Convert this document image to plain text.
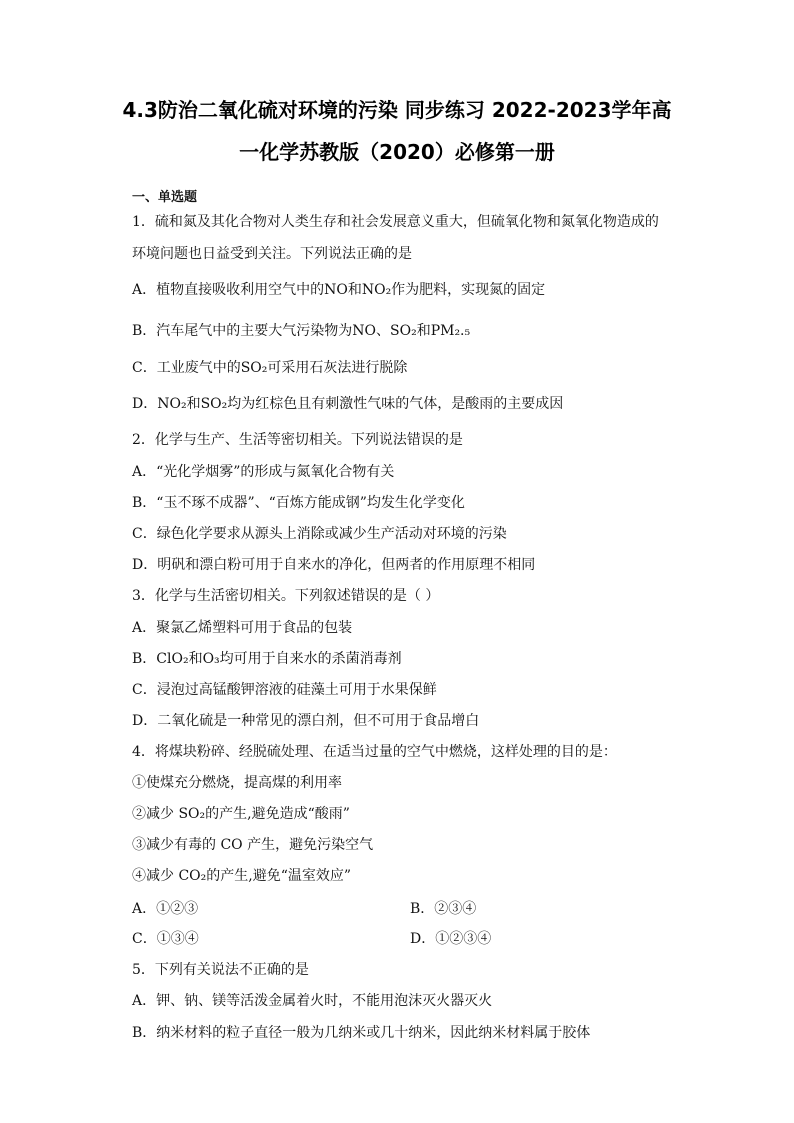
4.3防治二氧化硫对环境的污染 同步练习 2022-2023学年高
一化学苏教版（2020）必修第一册
一、单选题
1．硫和氮及其化合物对人类生存和社会发展意义重大，但硫氧化物和氮氧化物造成的
环境问题也日益受到关注。下列说法正确的是
A．植物直接吸收利用空气中的NO和NO₂作为肥料，实现氮的固定
B．汽车尾气中的主要大气污染物为NO、SO₂和PM₂.₅
C．工业废气中的SO₂可采用石灰法进行脱除
D．NO₂和SO₂均为红棕色且有刺激性气味的气体，是酸雨的主要成因
2．化学与生产、生活等密切相关。下列说法错误的是
A．“光化学烟雾”的形成与氮氧化合物有关
B．“玉不琢不成器”、“百炼方能成钢”均发生化学变化
C．绿色化学要求从源头上消除或减少生产活动对环境的污染
D．明矾和漂白粉可用于自来水的净化，但两者的作用原理不相同
3．化学与生活密切相关。下列叙述错误的是（ ）
A．聚氯乙烯塑料可用于食品的包装
B．ClO₂和O₃均可用于自来水的杀菌消毒剂
C．浸泡过高锰酸钾溶液的硅藻土可用于水果保鲜
D．二氧化硫是一种常见的漂白剂，但不可用于食品增白
4．将煤块粉碎、经脱硫处理、在适当过量的空气中燃烧，这样处理的目的是：
①使煤充分燃烧，提高煤的利用率
②减少 SO₂的产生,避免造成“酸雨”
③减少有毒的 CO 产生，避免污染空气
④减少 CO₂的产生,避免“温室效应”
A．①②③	B．②③④
C．①③④	D．①②③④
5．下列有关说法不正确的是
A．钾、钠、镁等活泼金属着火时，不能用泡沫灭火器灭火
B．纳米材料的粒子直径一般为几纳米或几十纳米，因此纳米材料属于胶体
